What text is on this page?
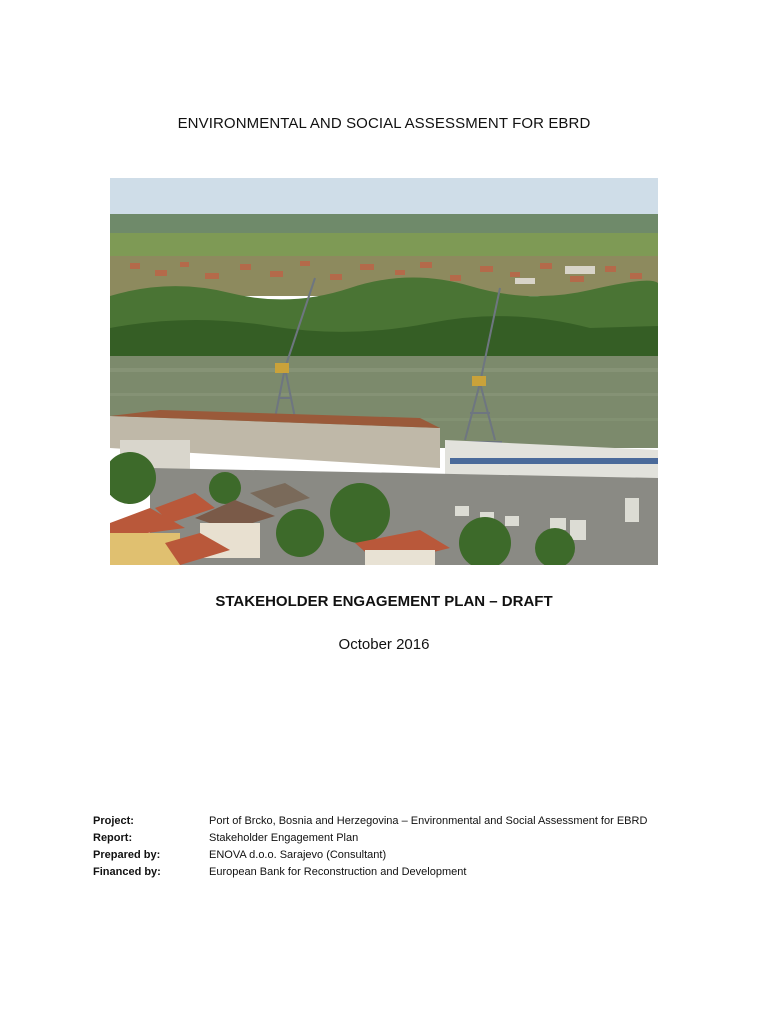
ENVIRONMENTAL AND SOCIAL ASSESSMENT FOR EBRD
STAKEHOLDER ENGAGEMENT PLAN – DRAFT
October 2016
Project:	Port of Brcko, Bosnia and Herzegovina – Environmental and Social Assessment for EBRD
Report:	Stakeholder Engagement Plan
Prepared by:	ENOVA d.o.o. Sarajevo (Consultant)
Financed by:	European Bank for Reconstruction and Development
